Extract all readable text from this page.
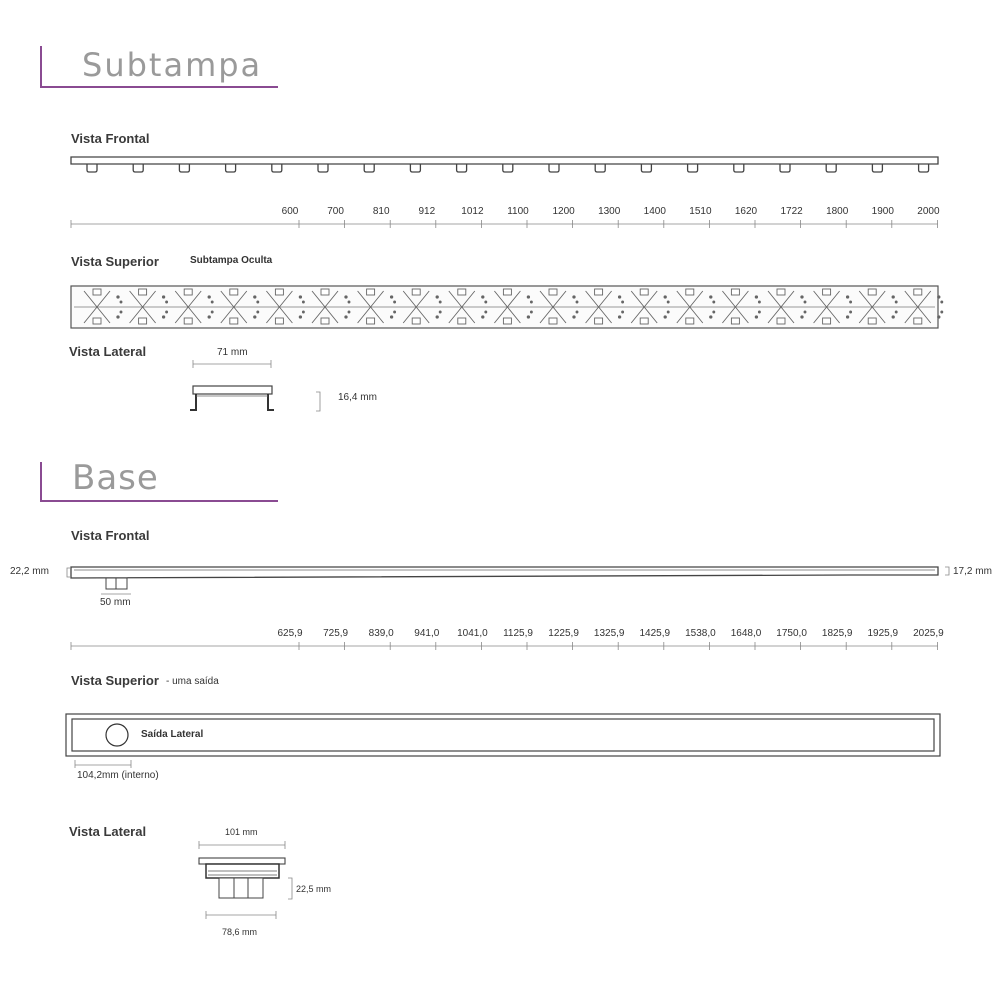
Subtampa
Vista Frontal
600	700	810	912	1012 1100 1200 1300 1400 1510 1620 1722 1800 1900 2000
Vista Superior	Subtampa Oculta
Vista Lateral	71 mm
16,4 mm
Base
Vista Frontal
625,9 725,9 839,0 941,0 1041,0 1125,9 1225,9 1325,9 1425,9 1538,0 1648,0 1750,0 1825,9 1925,9 2025,9
22,2 mm	17,2 mm
50 mm
Vista Superior - uma saída
Saída Lateral
104,2mm (interno)
Vista Lateral	101 mm
22,5 mm
78,6 mm
